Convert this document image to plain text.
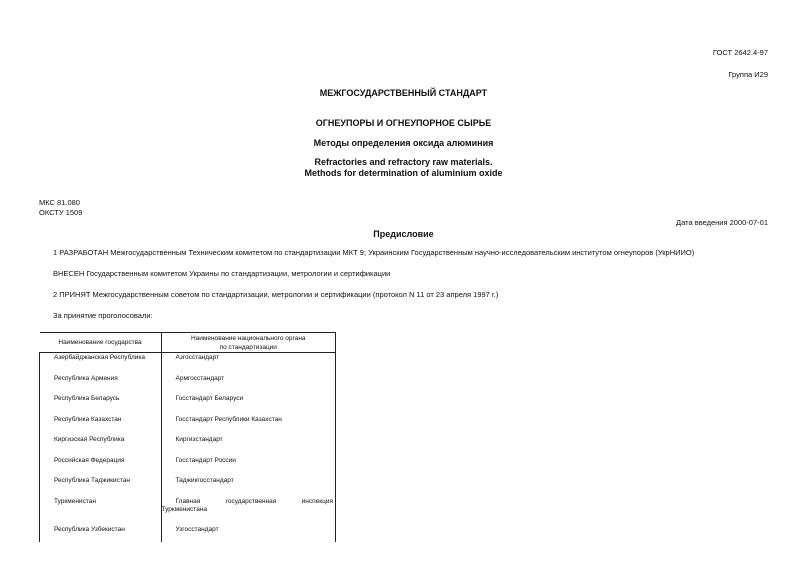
ГОСТ 2642.4-97
Группа И29
МЕЖГОСУДАРСТВЕННЫЙ СТАНДАРТ
ОГНЕУПОРЫ И ОГНЕУПОРНОЕ СЫРЬЕ
Методы определения оксида алюминия
Refractories and refractory raw materials.
Methods for determination of aluminium oxide
МКС 81.080
ОКСТУ 1509
Дата введения 2000-07-01
Предисловие
1 РАЗРАБОТАН Межгосударственным Техническим комитетом по стандартизации МКТ 9; Украинским Государственным научно-исследовательским институтом огнеупоров (УкрНИИО)
ВНЕСЕН Государственным комитетом Украины по стандартизации, метрологии и сертификации
2 ПРИНЯТ Межгосударственным советом по стандартизации, метрологии и сертификации (протокол N 11 от 23 апреля 1997 г.)
За принятие проголосовали:
Наименование государства	Наименование национального органа
по стандартизации

Азербайджанская Республика	Азгосстандарт
Республика Армения	Армгосстандарт
Республика Беларусь	Госстандарт Беларуси
Республика Казахстан	Госстандарт Республики Казахстан
Киргизская Республика	Киргизстандарт
Российская Федерация	Госстандарт России
Республика Таджикистан	Таджикгосстандарт
Туркменистан	Главная государственная инспекция
Туркменистана

Республика Узбекистан	Узгосстандарт
